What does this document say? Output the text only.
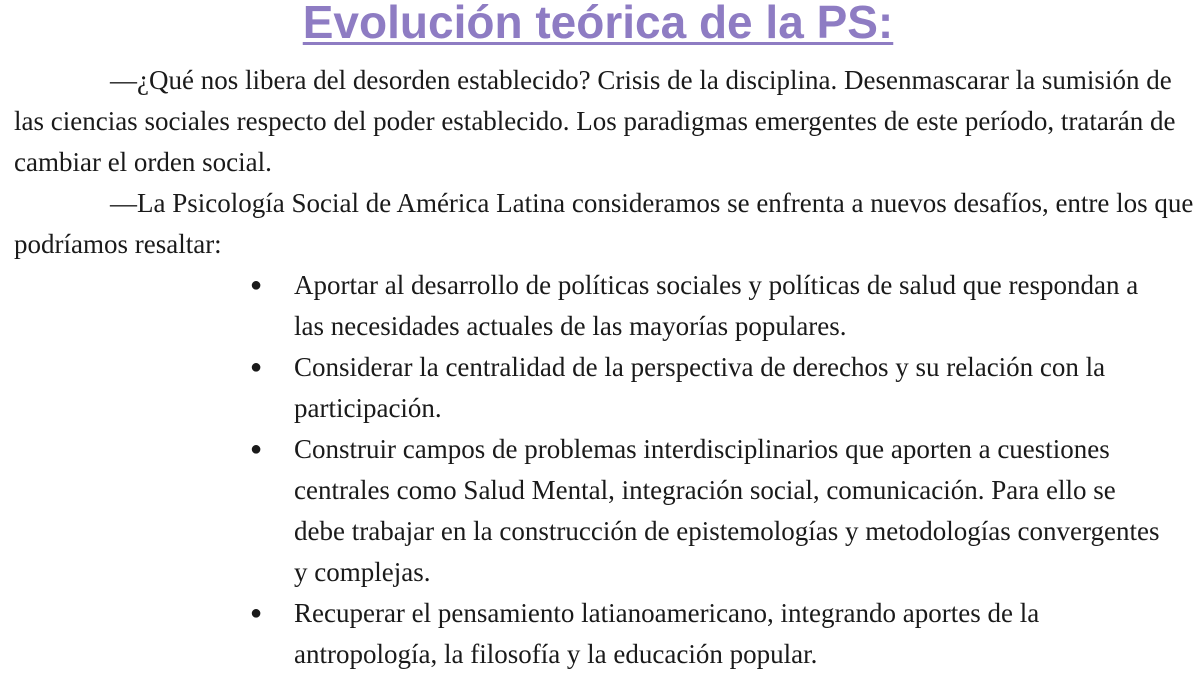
Evolución teórica de la PS:

—¿Qué nos libera del desorden establecido? Crisis de la disciplina. Desenmascarar la sumisión de las ciencias sociales respecto del poder establecido. Los paradigmas emergentes de este período, tratarán de cambiar el orden social.

—La Psicología Social de América Latina consideramos se enfrenta a nuevos desafíos, entre los que podríamos resaltar:

● Aportar al desarrollo de políticas sociales y políticas de salud que respondan a las necesidades actuales de las mayorías populares.
● Considerar la centralidad de la perspectiva de derechos y su relación con la participación.
● Construir campos de problemas interdisciplinarios que aporten a cuestiones centrales como Salud Mental, integración social, comunicación. Para ello se debe trabajar en la construcción de epistemologías y metodologías convergentes y complejas.
● Recuperar el pensamiento latianoamericano, integrando aportes de la antropología, la filosofía y la educación popular.
